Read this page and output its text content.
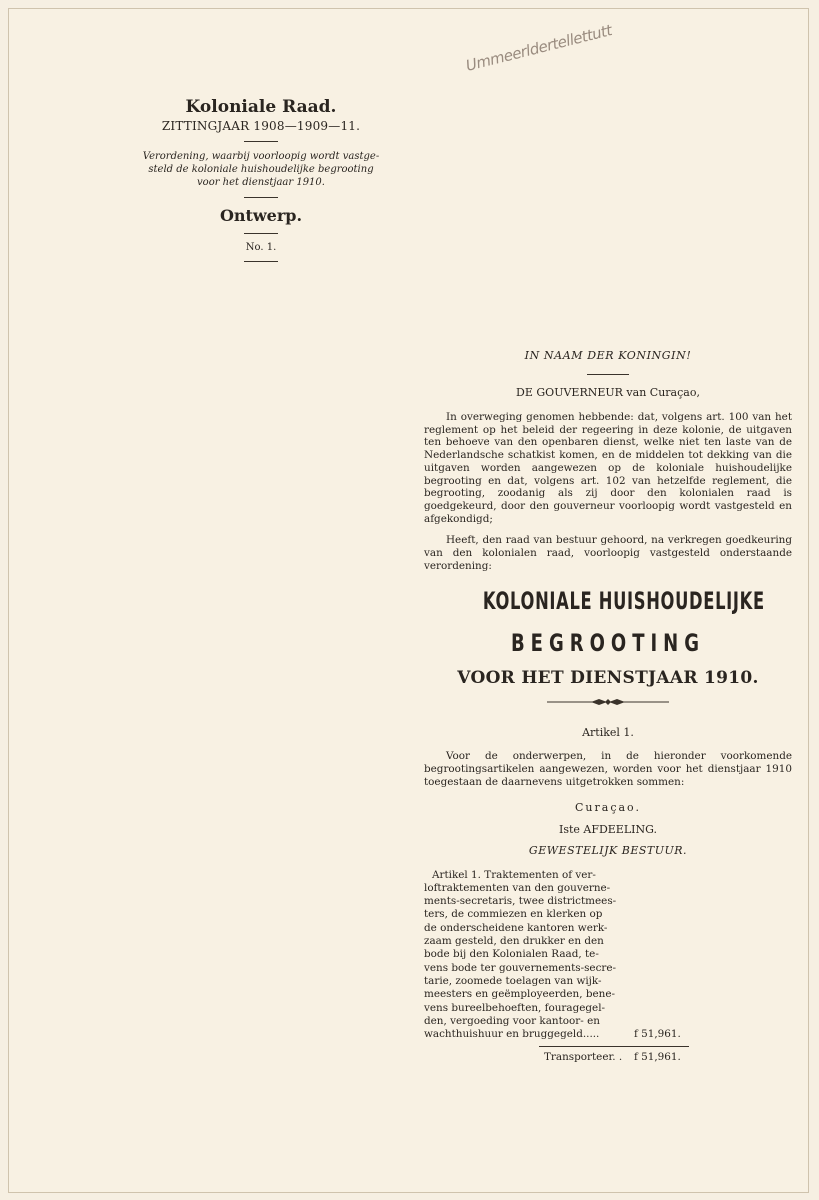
Ummeerldertellettutt
Koloniale Raad.
ZITTINGJAAR 1908—1909—11.
Verordening, waarbij voorloopig wordt vastge-
steld de koloniale huishoudelijke begrooting
voor het dienstjaar 1910.
Ontwerp.
No. 1.
IN NAAM DER KONINGIN!
DE GOUVERNEUR van Curaçao,

In overweging genomen hebbende: dat, volgens art. 100 van het reglement op het beleid der regeering in deze kolonie, de uitgaven ten behoeve van den openbaren dienst, welke niet ten laste van de Nederlandsche schatkist komen, en de middelen tot dekking van die uitgaven worden aangewezen op de koloniale huishoudelijke begrooting en dat, volgens art. 102 van hetzelfde reglement, die begrooting, zoodanig als zij door den kolonialen raad is goedgekeurd, door den gouverneur voorloopig wordt vastgesteld en afgekondigd;

Heeft, den raad van bestuur gehoord, na verkregen goedkeuring van den kolonialen raad, voorloopig vastgesteld onderstaande verordening:

KOLONIALE HUISHOUDELIJKE
BEGROOTING
VOOR HET DIENSTJAAR 1910.
Artikel 1.

Voor de onderwerpen, in de hieronder voorkomende begrootingsartikelen aangewezen, worden voor het dienstjaar 1910 toegestaan de daarnevens uitgetrokken sommen:

Curaçao.
Iste AFDEELING.
GEWESTELIJK BESTUUR.
Artikel 1. Traktementen of ver-
loftraktementen van den gouverne-
ments-secretaris, twee districtmees-
ters, de commiezen en klerken op
de onderscheidene kantoren werk-
zaam gesteld, den drukker en den
bode bij den Kolonialen Raad, te-
vens bode ter gouvernements-secre-
tarie, zoomede toelagen van wijk-
meesters en geëmployeerden, bene-
vens bureelbehoeften, fouragegel-
den, vergoeding voor kantoor- en
wachthuishuur en bruggegeld.....	f 51,961.
Transporteer. . f 51,961.
